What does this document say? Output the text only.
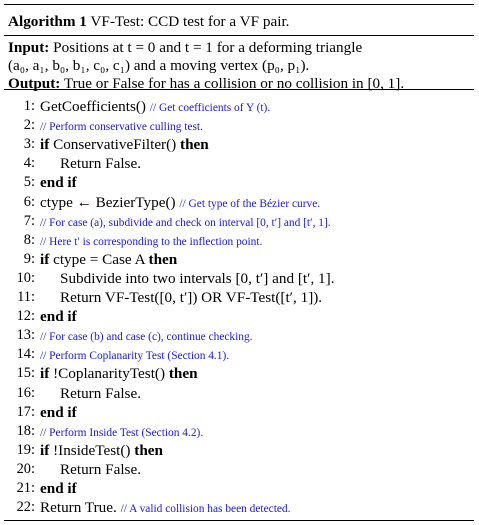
Algorithm 1 VF-Test: CCD test for a VF pair.
Input: Positions at t = 0 and t = 1 for a deforming triangle
(a₀, a₁, b₀, b₁, c₀, c₁) and a moving vertex (p₀, p₁).
Output: True or False for has a collision or no collision in [0, 1].
1: GetCoefficients() // Get coefficients of Y (t).
2: // Perform conservative culling test.
3: if ConservativeFilter() then
4: Return False.
5: end if
6: ctype ← BezierType() // Get type of the Bézier curve.
7: // For case (a), subdivide and check on interval [0, t′] and [t′, 1].
8: // Here t′ is corresponding to the inflection point.
9: if ctype = Case A then
10: Subdivide into two intervals [0, t′] and [t′, 1].
11: Return VF-Test([0, t′]) OR VF-Test([t′, 1]).
12: end if
13: // For case (b) and case (c), continue checking.
14: // Perform Coplanarity Test (Section 4.1).
15: if !CoplanarityTest() then
16: Return False.
17: end if
18: // Perform Inside Test (Section 4.2).
19: if !InsideTest() then
20: Return False.
21: end if
22: Return True. // A valid collision has been detected.
